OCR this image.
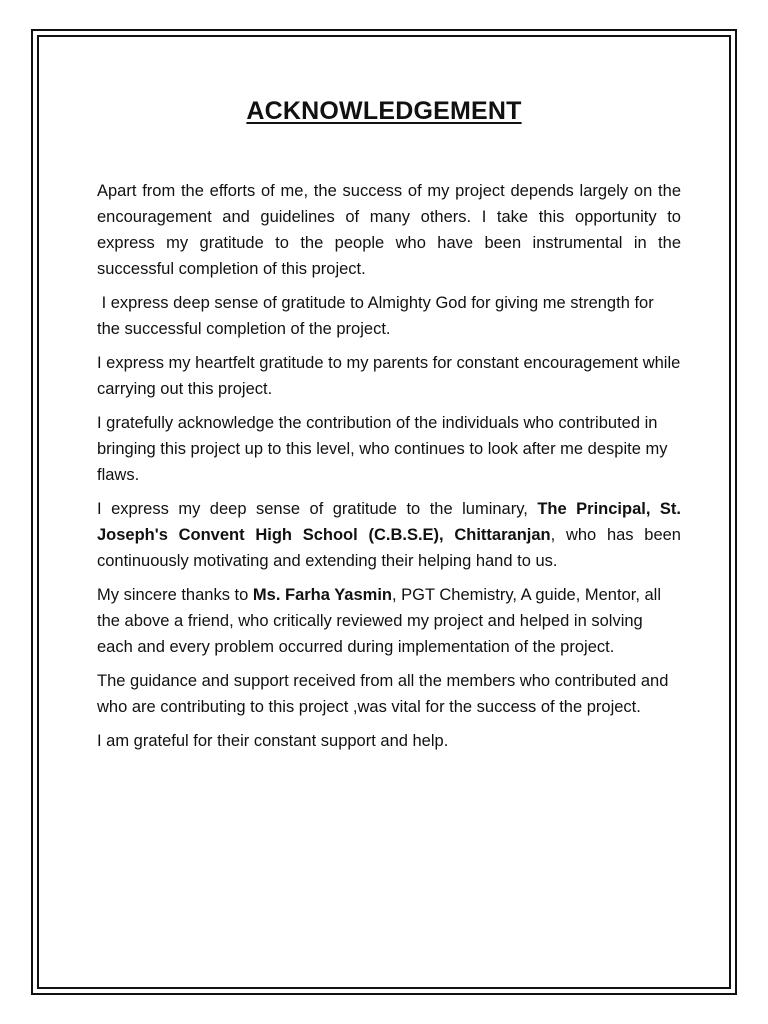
ACKNOWLEDGEMENT

Apart from the efforts of me, the success of my project depends largely on the encouragement and guidelines of many others. I take this opportunity to express my gratitude to the people who have been instrumental in the successful completion of this project.

I express deep sense of gratitude to Almighty God for giving me strength for the successful completion of the project.

I express my heartfelt gratitude to my parents for constant encouragement while carrying out this project.

I gratefully acknowledge the contribution of the individuals who contributed in bringing this project up to this level, who continues to look after me despite my flaws.

I express my deep sense of gratitude to the luminary, The Principal, St. Joseph's Convent High School (C.B.S.E), Chittaranjan, who has been continuously motivating and extending their helping hand to us.

My sincere thanks to Ms. Farha Yasmin, PGT Chemistry, A guide, Mentor, all the above a friend, who critically reviewed my project and helped in solving each and every problem occurred during implementation of the project.

The guidance and support received from all the members who contributed and who are contributing to this project ,was vital for the success of the project.

I am grateful for their constant support and help.
